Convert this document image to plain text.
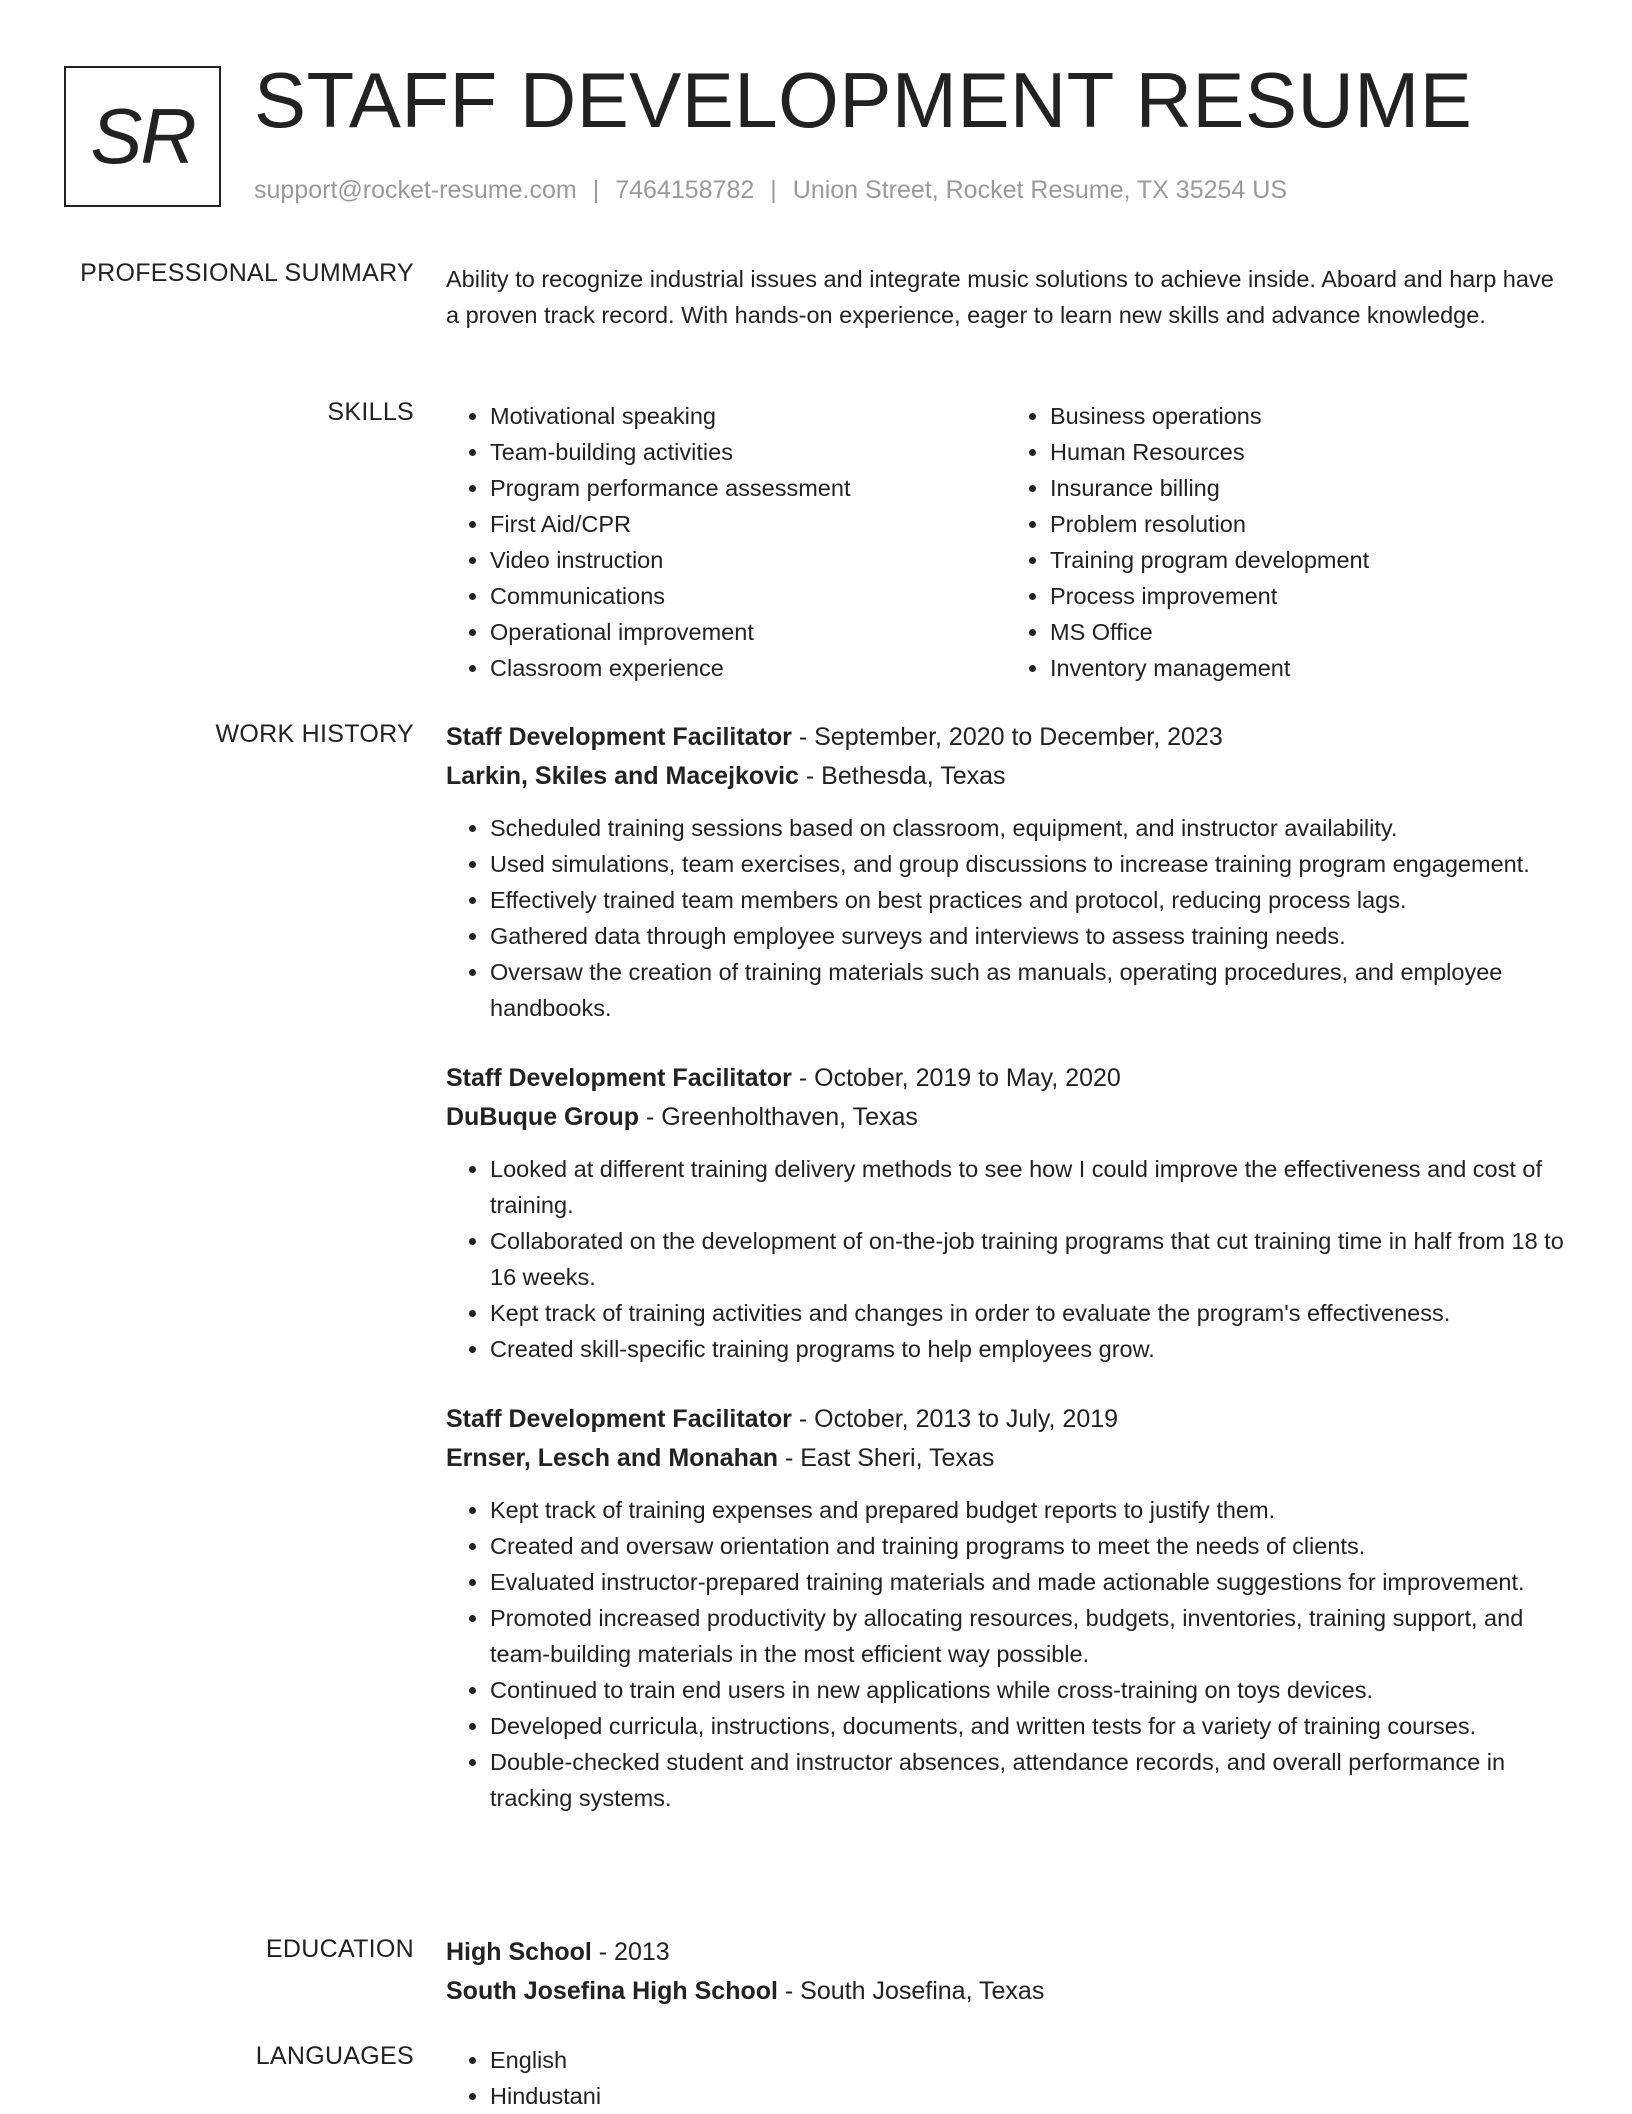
SR STAFF DEVELOPMENT RESUME
support@rocket-resume.com | 7464158782 | Union Street, Rocket Resume, TX 35254 US
PROFESSIONAL SUMMARY Ability to recognize industrial issues and integrate music solutions to achieve inside. Aboard and harp have a proven track record. With hands-on experience, eager to learn new skills and advance knowledge.

SKILLS	• Motivational speaking
• Team-building activities
• Program performance assessment
• First Aid/CPR
• Video instruction
• Communications
• Operational improvement
• Classroom experience
• Business operations
• Human Resources
• Insurance billing
• Problem resolution
• Training program development
• Process improvement
• MS Office
• Inventory management
WORK HISTORY Staff Development Facilitator - September, 2020 to December, 2023
Larkin, Skiles and Macejkovic - Bethesda, Texas
• Scheduled training sessions based on classroom, equipment, and instructor availability.
• Used simulations, team exercises, and group discussions to increase training program engagement.
• Effectively trained team members on best practices and protocol, reducing process lags.
• Gathered data through employee surveys and interviews to assess training needs.
• Oversaw the creation of training materials such as manuals, operating procedures, and employee handbooks.
Staff Development Facilitator - October, 2019 to May, 2020
DuBuque Group - Greenholthaven, Texas
• Looked at different training delivery methods to see how I could improve the effectiveness and cost of training.
• Collaborated on the development of on-the-job training programs that cut training time in half from 18 to 16 weeks.
• Kept track of training activities and changes in order to evaluate the program's effectiveness.
• Created skill-specific training programs to help employees grow.
Staff Development Facilitator - October, 2013 to July, 2019
Ernser, Lesch and Monahan - East Sheri, Texas
• Kept track of training expenses and prepared budget reports to justify them.
• Created and oversaw orientation and training programs to meet the needs of clients.
• Evaluated instructor-prepared training materials and made actionable suggestions for improvement.
• Promoted increased productivity by allocating resources, budgets, inventories, training support, and team-building materials in the most efficient way possible.
• Continued to train end users in new applications while cross-training on toys devices.
• Developed curricula, instructions, documents, and written tests for a variety of training courses.
• Double-checked student and instructor absences, attendance records, and overall performance in tracking systems.
EDUCATION High School - 2013
South Josefina High School - South Josefina, Texas
LANGUAGES	• English
• Hindustani
